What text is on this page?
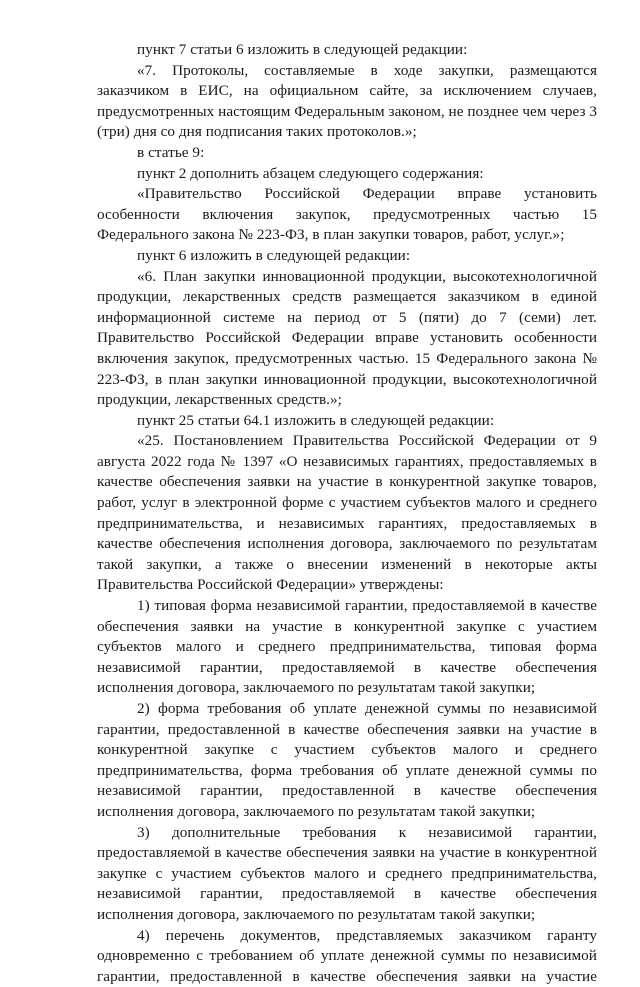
пункт 7 статьи 6 изложить в следующей редакции:

«7. Протоколы, составляемые в ходе закупки, размещаются заказчиком в ЕИС, на официальном сайте, за исключением случаев, предусмотренных настоящим Федеральным законом, не позднее чем через 3 (три) дня со дня подписания таких протоколов.»;

в статье 9:

пункт 2 дополнить абзацем следующего содержания:

«Правительство Российской Федерации вправе установить особенности включения закупок, предусмотренных частью 15 Федерального закона № 223-ФЗ, в план закупки товаров, работ, услуг.»;

пункт 6 изложить в следующей редакции:

«6. План закупки инновационной продукции, высокотехнологичной продукции, лекарственных средств размещается заказчиком в единой информационной системе на период от 5 (пяти) до 7 (семи) лет. Правительство Российской Федерации вправе установить особенности включения закупок, предусмотренных частью. 15 Федерального закона № 223-ФЗ, в план закупки инновационной продукции, высокотехнологичной продукции, лекарственных средств.»;

пункт 25 статьи 64.1 изложить в следующей редакции:

«25. Постановлением Правительства Российской Федерации от 9 августа 2022 года № 1397 «О независимых гарантиях, предоставляемых в качестве обеспечения заявки на участие в конкурентной закупке товаров, работ, услуг в электронной форме с участием субъектов малого и среднего предпринимательства, и независимых гарантиях, предоставляемых в качестве обеспечения исполнения договора, заключаемого по результатам такой закупки, а также о внесении изменений в некоторые акты Правительства Российской Федерации» утверждены:

1) типовая форма независимой гарантии, предоставляемой в качестве обеспечения заявки на участие в конкурентной закупке с участием субъектов малого и среднего предпринимательства, типовая форма независимой гарантии, предоставляемой в качестве обеспечения исполнения договора, заключаемого по результатам такой закупки;

2) форма требования об уплате денежной суммы по независимой гарантии, предоставленной в качестве обеспечения заявки на участие в конкурентной закупке с участием субъектов малого и среднего предпринимательства, форма требования об уплате денежной суммы по независимой гарантии, предоставленной в качестве обеспечения исполнения договора, заключаемого по результатам такой закупки;

3) дополнительные требования к независимой гарантии, предоставляемой в качестве обеспечения заявки на участие в конкурентной закупке с участием субъектов малого и среднего предпринимательства, независимой гарантии, предоставляемой в качестве обеспечения исполнения договора, заключаемого по результатам такой закупки;

4) перечень документов, представляемых заказчиком гаранту одновременно с требованием об уплате денежной суммы по независимой гарантии, предоставленной в качестве обеспечения заявки на участие
